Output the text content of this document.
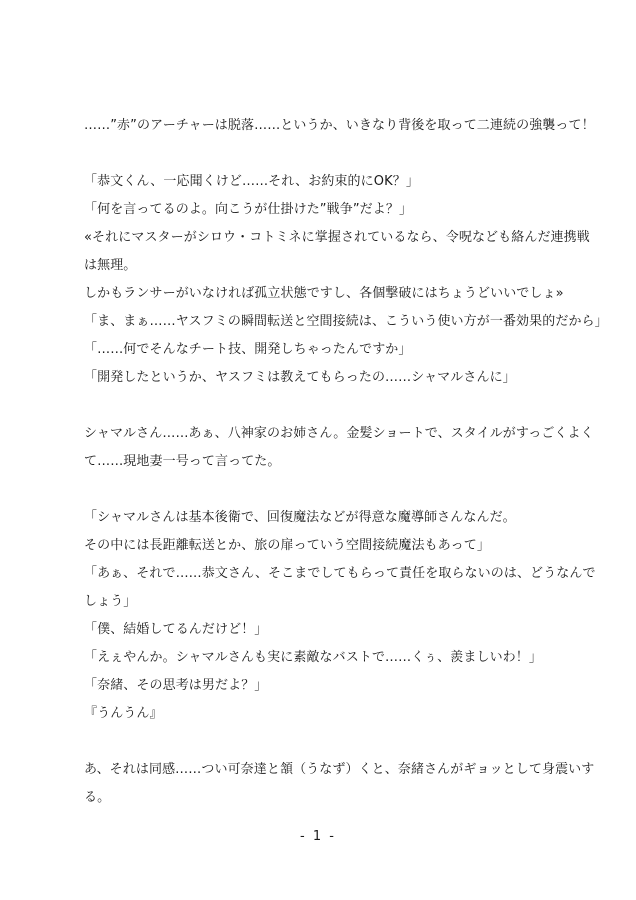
……”赤”のアーチャーは脱落……というか、いきなり背後を取って二連続の強襲って！
「恭文くん、一応聞くけど……それ、お約束的にOK？」
「何を言ってるのよ。向こうが仕掛けた”戦争”だよ？」
«それにマスターがシロウ・コトミネに掌握されているなら、令呪なども絡んだ連携戦
は無理。
しかもランサーがいなければ孤立状態ですし、各個撃破にはちょうどいいでしょ»
「ま、まぁ……ヤスフミの瞬間転送と空間接続は、こういう使い方が一番効果的だから」
「……何でそんなチート技、開発しちゃったんですか」
「開発したというか、ヤスフミは教えてもらったの……シャマルさんに」
シャマルさん……あぁ、八神家のお姉さん。金髪ショートで、スタイルがすっごくよく
て……現地妻一号って言ってた。
「シャマルさんは基本後衛で、回復魔法などが得意な魔導師さんなんだ。
その中には長距離転送とか、旅の扉っていう空間接続魔法もあって」
「あぁ、それで……恭文さん、そこまでしてもらって責任を取らないのは、どうなんで
しょう」
「僕、結婚してるんだけど！」
「えぇやんか。シャマルさんも実に素敵なバストで……くぅ、羨ましいわ！」
「奈緒、その思考は男だよ？」
『うんうん』
あ、それは同感……つい可奈達と頷（うなず）くと、奈緒さんがギョッとして身震いす
る。
- 1 -
